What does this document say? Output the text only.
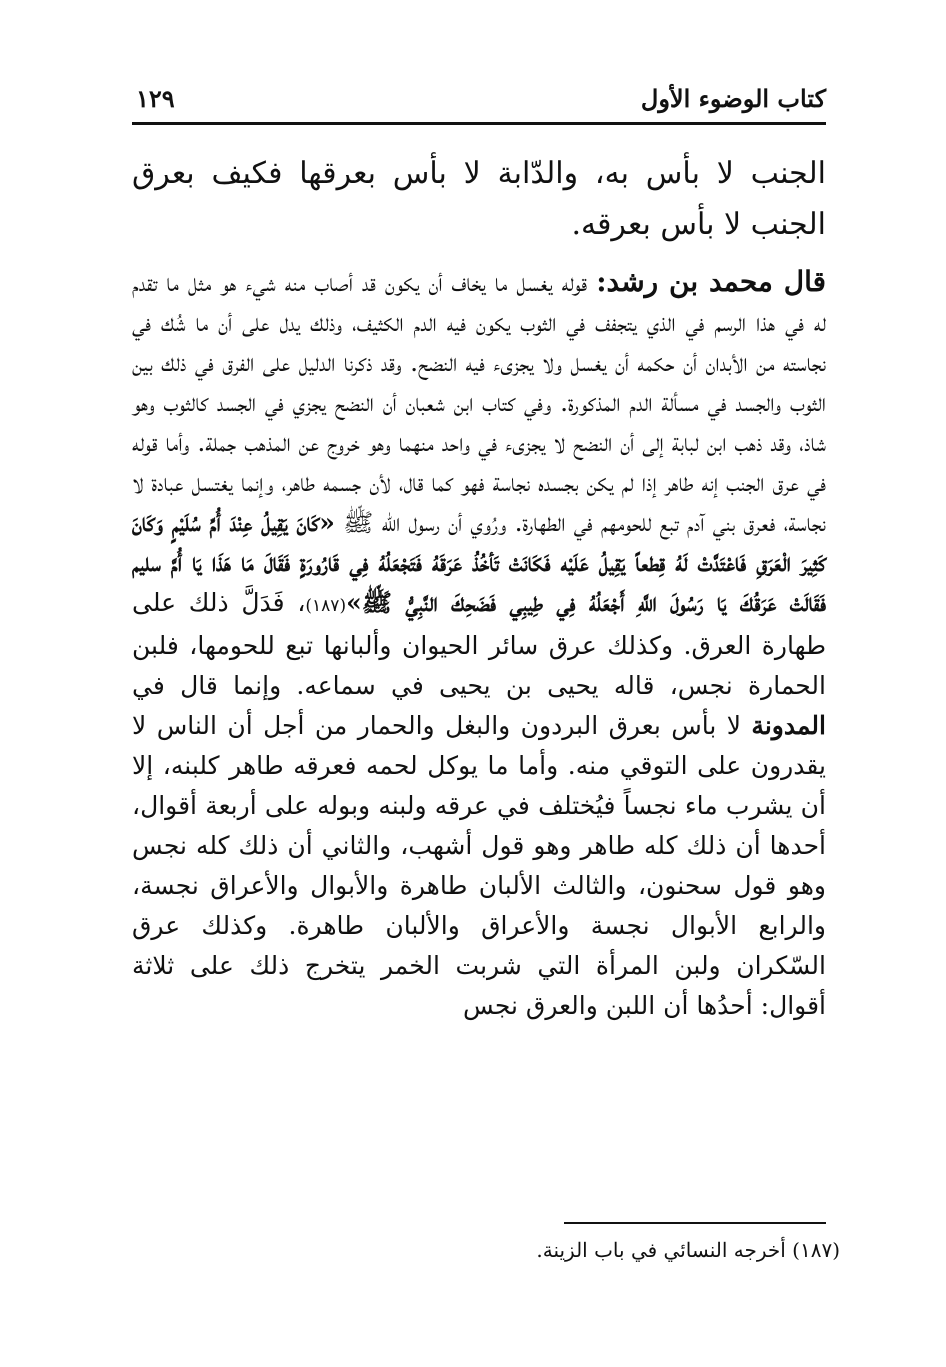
كتاب الوضوء الأول
١٢٩

الجنب لا بأس به، والدّابة لا بأس بعرقها فكيف بعرق الجنب لا بأس بعرقه.

قال محمد بن رشد: قوله يغسل ما يخاف أن يكون قد أصاب منه شيء هو مثل ما تقدم له في هذا الرسم في الذي يتجفف في الثوب يكون فيه الدم الكثيف، وذلك يدل على أن ما شُك في نجاسته من الأبدان أن حكمه أن يغسل ولا يجزىء فيه النضح. وقد ذكرنا الدليل على الفرق في ذلك بين الثوب والجسد في مسألة الدم المذكورة. وفي كتاب ابن شعبان أن النضح يجزي في الجسد كالثوب وهو شاذ، وقد ذهب ابن لبابة إلى أن النضح لا يجزىء في واحد منهما وهو خروج عن المذهب جملة. وأما قوله في عرق الجنب إنه طاهر إذا لم يكن بجسده نجاسة فهو كما قال، لأن جسمه طاهر، وإنما يغتسل عبادة لا نجاسة، فعرق بني آدم تبع للحومهم في الطهارة. ورُوي أن رسول الله ﷺ «كَانَ يَقِيلُ عِنْدَ أُمِّ سُلَيْمٍ وَكَانَ كَثِيرَ الْعَرَقِ فَاعْتَدَّتْ لَهُ قِطعاً يَقِيلُ عَلَيْه فَكَانَتْ تَأخُذُ عَرَقَهُ فَتَجْعَلُهُ فِي قَارُورَةٍ فَقَالَ مَا هَذَا يَا أُمَّ سليم فَقَالَتْ عَرَقُكَ يَا رَسُولَ اللَّهِ أَجْعَلُهُ فِي طِيبِي فَضَحِكَ النَّبِيُّ ﷺ»(١٨٧)، فَدَلَّ ذلك على طهارة العرق. وكذلك عرق سائر الحيوان وألبانها تبع للحومها، فلبن الحمارة نجس، قاله يحيى بن يحيى في سماعه. وإنما قال في المدونة لا بأس بعرق البردون والبغل والحمار من أجل أن الناس لا يقدرون على التوقي منه. وأما ما يوكل لحمه فعرقه طاهر كلبنه، إلا أن يشرب ماء نجساً فيُختلف في عرقه ولبنه وبوله على أربعة أقوال، أحدها أن ذلك كله طاهر وهو قول أشهب، والثاني أن ذلك كله نجس وهو قول سحنون، والثالث الألبان طاهرة والأبوال والأعراق نجسة، والرابع الأبوال نجسة والأعراق والألبان طاهرة. وكذلك عرق السّكران ولبن المرأة التي شربت الخمر يتخرج ذلك على ثلاثة أقوال: أحدُها أن اللبن والعرق نجس

(١٨٧) أخرجه النسائي في باب الزينة.
